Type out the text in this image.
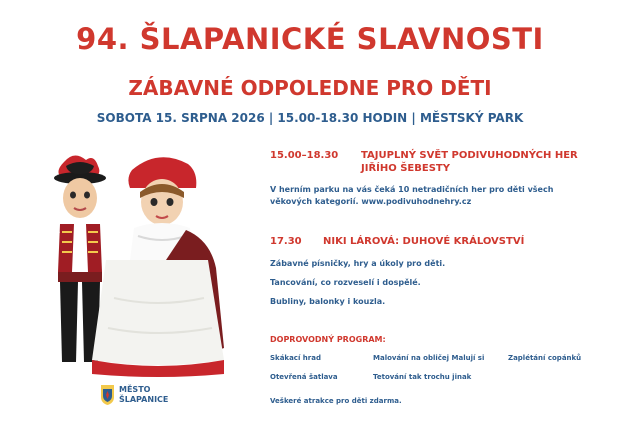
94. ŠLAPANICKÉ SLAVNOSTI
ZÁBAVNÉ ODPOLEDNE PRO DĚTI
SOBOTA 15. SRPNA 2026 | 15.00-18.30 HODIN | MĚSTSKÝ PARK
MĚSTO
ŠLAPANICE
15.00–18.30 TAJUPLNÝ SVĚT PODIVUHODNÝCH HER
JIŘÍHO ŠEBESTY
V herním parku na vás čeká 10 netradičních her pro děti všech
věkových kategorií. www.podivuhodnehry.cz
17.30 NIKI LÁROVÁ: DUHOVÉ KRÁLOVSTVÍ
Zábavné písničky, hry a úkoly pro děti.
Tancování, co rozveselí i dospělé.
Bubliny, balonky i kouzla.
DOPROVODNÝ PROGRAM:
Skákací hrad	Malování na obličej Malují si	Zaplétání copánků
Otevřená šatlava	Tetování tak trochu jinak
Veškeré atrakce pro děti zdarma.
